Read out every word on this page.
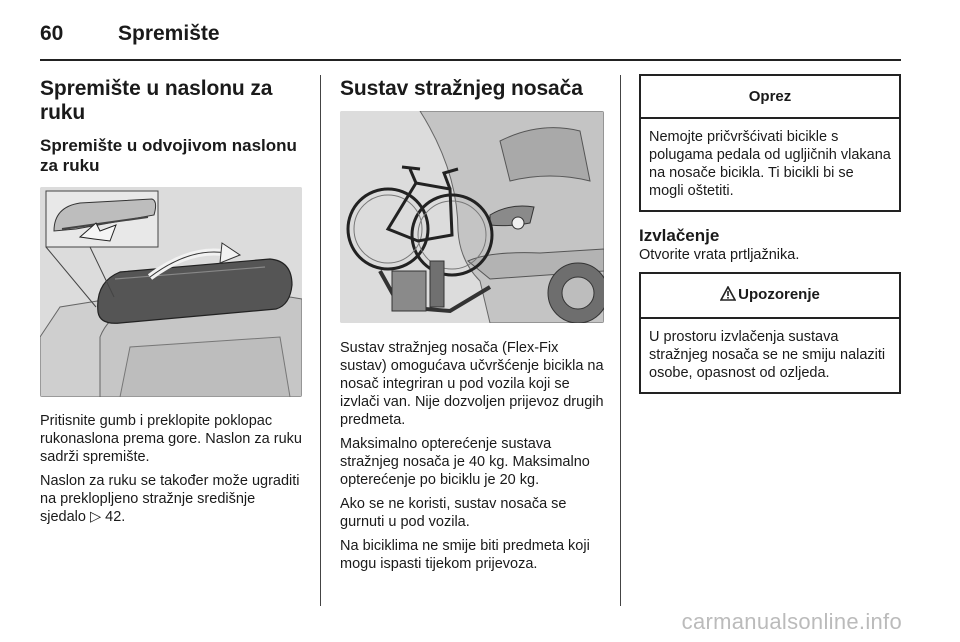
60	Spremište
Spremište u naslonu za ruku
Spremište u odvojivom naslonu za ruku

Pritisnite gumb i preklopite poklopac rukonaslona prema gore. Naslon za ruku sadrži spremište.

Naslon za ruku se također može ugraditi na preklopljeno stražnje središnje sjedalo ▷ 42.

Sustav stražnjeg nosača

Sustav stražnjeg nosača (Flex-Fix sustav) omogućava učvršćenje bicikla na nosač integriran u pod vozila koji se izvlači van. Nije dozvoljen prijevoz drugih predmeta.

Maksimalno opterećenje sustava stražnjeg nosača je 40 kg. Maksimalno opterećenje po biciklu je 20 kg.

Ako se ne koristi, sustav nosača se gurnuti u pod vozila.

Na biciklima ne smije biti predmeta koji mogu ispasti tijekom prijevoza.

Oprez
Nemojte pričvršćivati bicikle s polugama pedala od ugljičnih vlakana na nosače bicikla. Ti bicikli bi se mogli oštetiti.
Izvlačenje

Otvorite vrata prtljažnika.

Upozorenje
U prostoru izvlačenja sustava stražnjeg nosača se ne smiju nalaziti osobe, opasnost od ozljeda.
carmanualsonline.info
